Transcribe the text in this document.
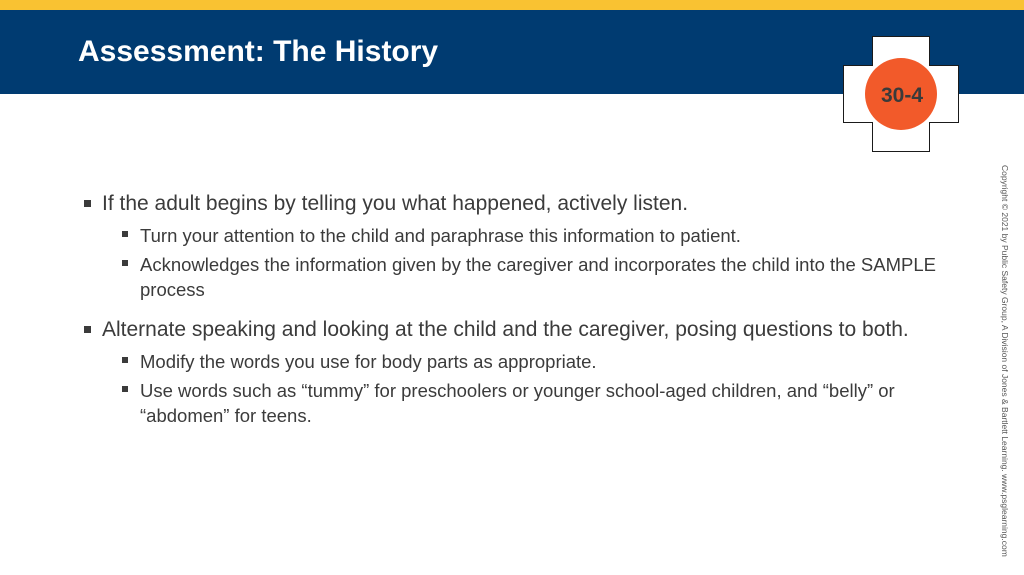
Assessment: The History
30-4
If the adult begins by telling you what happened, actively listen.
Turn your attention to the child and paraphrase this information to patient.
Acknowledges the information given by the caregiver and incorporates the child into the SAMPLE process
Alternate speaking and looking at the child and the caregiver, posing questions to both.
Modify the words you use for body parts as appropriate.
Use words such as “tummy” for preschoolers or younger school-aged children, and “belly” or “abdomen” for teens.	Copyright © 2021 by Public Safety Group, A Division of Jones & Bartlett Learning. www.psglearning.com
